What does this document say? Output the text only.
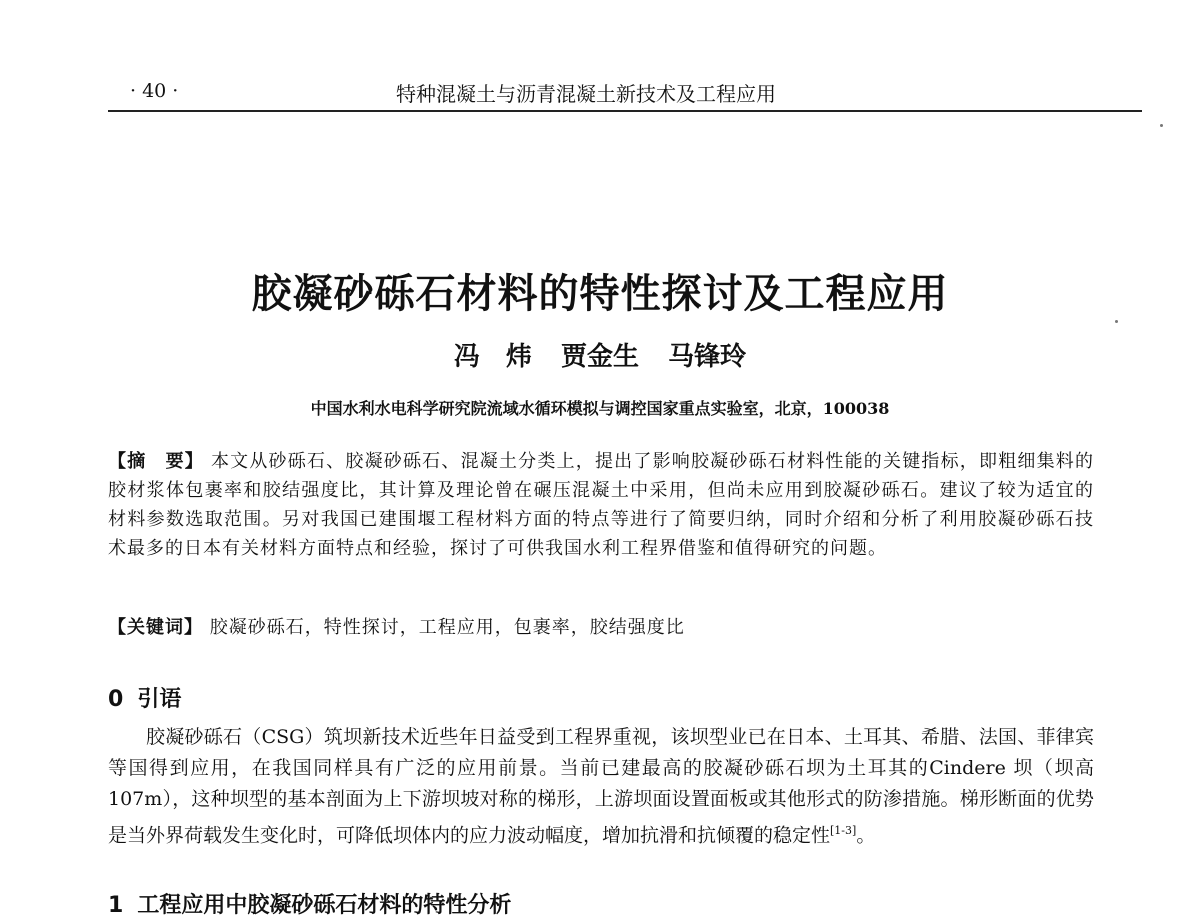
· 40 ·	特种混凝土与沥青混凝土新技术及工程应用
胶凝砂砾石材料的特性探讨及工程应用
冯　炜 贾金生 马锋玲
中国水利水电科学研究院流域水循环模拟与调控国家重点实验室，北京，100038
【摘　要】 本文从砂砾石、胶凝砂砾石、混凝土分类上，提出了影响胶凝砂砾石材料性能的关键指标，即粗细集料的胶材浆体包裹率和胶结强度比，其计算及理论曾在碾压混凝土中采用，但尚未应用到胶凝砂砾石。建议了较为适宜的材料参数选取范围。另对我国已建围堰工程材料方面的特点等进行了简要归纳，同时介绍和分析了利用胶凝砂砾石技术最多的日本有关材料方面特点和经验，探讨了可供我国水利工程界借鉴和值得研究的问题。
【关键词】 胶凝砂砾石，特性探讨，工程应用，包裹率，胶结强度比
0 引语
胶凝砂砾石（CSG）筑坝新技术近些年日益受到工程界重视，该坝型业已在日本、土耳其、希腊、法国、菲律宾等国得到应用，在我国同样具有广泛的应用前景。当前已建最高的胶凝砂砾石坝为土耳其的Cindere 坝（坝高 107m），这种坝型的基本剖面为上下游坝坡对称的梯形，上游坝面设置面板或其他形式的防渗措施。梯形断面的优势是当外界荷载发生变化时，可降低坝体内的应力波动幅度，增加抗滑和抗倾覆的稳定性[1-3]。
1 工程应用中胶凝砂砾石材料的特性分析
